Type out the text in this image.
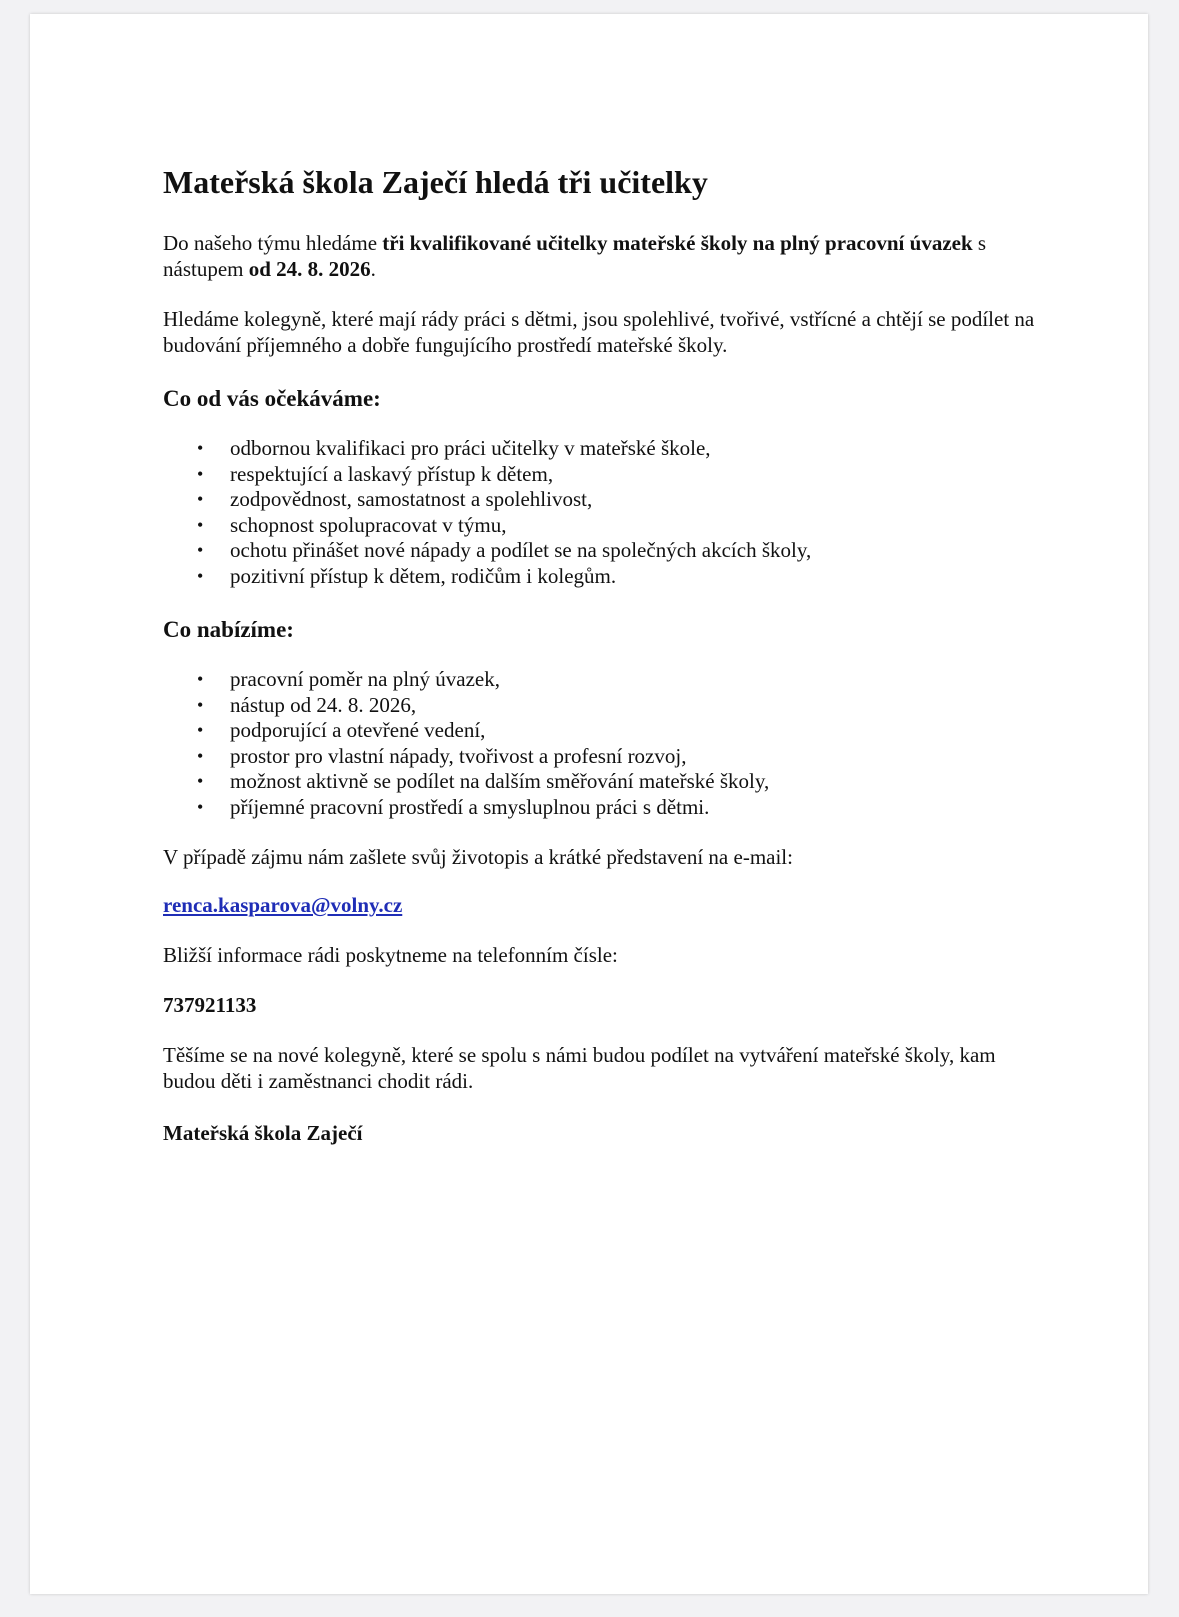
Mateřská škola Zaječí hledá tři učitelky

Do našeho týmu hledáme tři kvalifikované učitelky mateřské školy na plný pracovní úvazek s nástupem od 24. 8. 2026.

Hledáme kolegyně, které mají rády práci s dětmi, jsou spolehlivé, tvořivé, vstřícné a chtějí se podílet na budování příjemného a dobře fungujícího prostředí mateřské školy.

Co od vás očekáváme:
• odbornou kvalifikaci pro práci učitelky v mateřské škole,
• respektující a laskavý přístup k dětem,
• zodpovědnost, samostatnost a spolehlivost,
• schopnost spolupracovat v týmu,
• ochotu přinášet nové nápady a podílet se na společných akcích školy,
• pozitivní přístup k dětem, rodičům i kolegům.
Co nabízíme:
• pracovní poměr na plný úvazek,
• nástup od 24. 8. 2026,
• podporující a otevřené vedení,
• prostor pro vlastní nápady, tvořivost a profesní rozvoj,
• možnost aktivně se podílet na dalším směřování mateřské školy,
• příjemné pracovní prostředí a smysluplnou práci s dětmi.

V případě zájmu nám zašlete svůj životopis a krátké představení na e-mail:

renca.kasparova@volny.cz

Bližší informace rádi poskytneme na telefonním čísle:

737921133

Těšíme se na nové kolegyně, které se spolu s námi budou podílet na vytváření mateřské školy, kam budou děti i zaměstnanci chodit rádi.

Mateřská škola Zaječí
